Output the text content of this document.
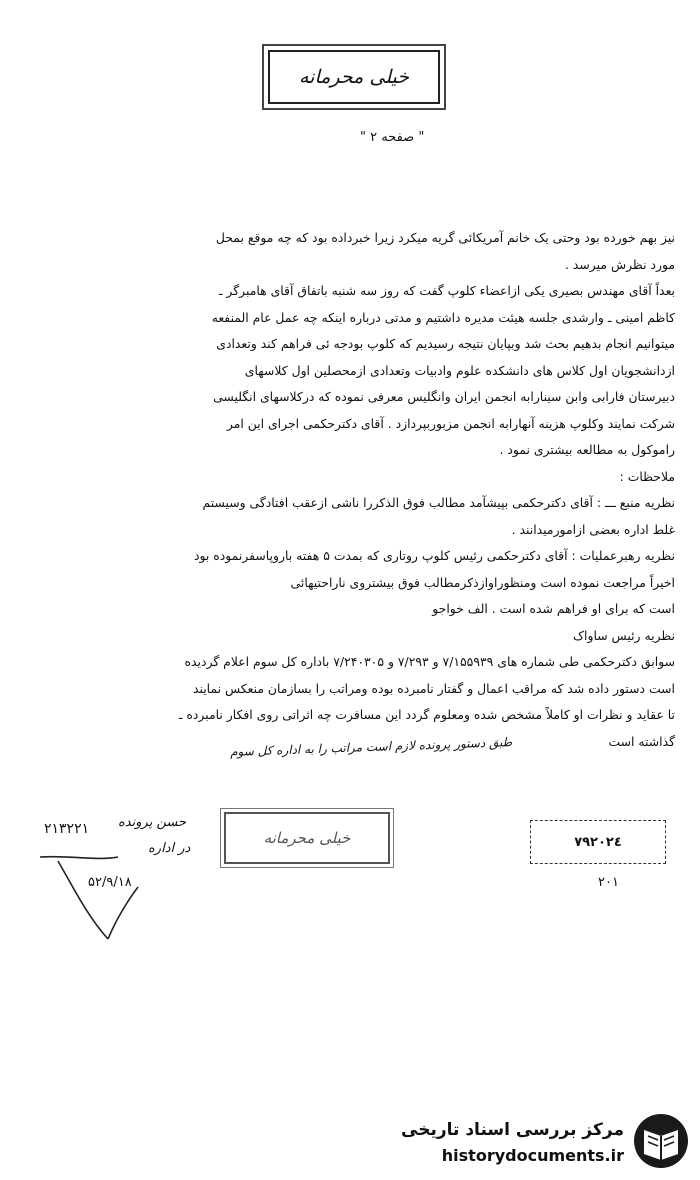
خیلی محرمانه
" صفحه ۲ "
نیز بهم خورده بود وحتی یک خانم آمریکائی گریه میکرد زیرا خبرداده بود که چه موقع بمحل
مورد نظرش میرسد .
بعداً آقای مهندس بصیری یکی ازاعضاء کلوپ گفت که روز سه شنبه باتفاق آقای هامبرگر ـ
کاظم امینی ـ وارشدی جلسه هیئت مدیره داشتیم و مدتی درباره اینکه چه عمل عام المنفعه
میتوانیم انجام بدهیم بحث شد وبپایان نتیجه رسیدیم که کلوپ بودجه ئی فراهم کند وتعدادی
ازدانشجویان اول کلاس های دانشکده علوم وادبیات وتعدادی ازمحصلین اول کلاسهای
دبیرستان فارابی وابن سینارابه انجمن ایران وانگلیس معرفی نموده که درکلاسهای انگلیسی
شرکت نمایند وکلوپ هزینه آنهارابه انجمن مزبوربپردازد . آقای دکترحکمی اجرای این امر
راموکول به مطالعه بیشتری نمود .
ملاحظات :
نظریه منبع ـــ : آقای دکترحکمی بپیشآمد مطالب فوق الذکررا ناشی ازعقب افتادگی وسیستم
غلط اداره بعضی ازامورمیدانند .
نظریه رهبرعملیات : آقای دکترحکمی رئیس کلوپ روتاری که بمدت ۵ هفته باروپاسفرنموده بود
اخیراً مراجعت نموده است ومنظوراوازذکرمطالب فوق بیشتروی ناراحتیهائی
است که برای او فراهم شده است . الف خواجو
نظریه رئیس ساواک
سوابق دکترحکمی طی شماره های ۷/۱۵۵۹۳۹ و ۷/۲۹۳ و ۷/۲۴۰۳۰۵ باداره کل سوم اعلام گردیده
است دستور داده شد که مراقب اعمال و گفتار نامبرده بوده ومراتب را بسازمان منعکس نمایند
تا عقاید و نظرات او کاملاً مشخص شده ومعلوم گردد این مسافرت چه اثراتی روی افکار نامبرده ـ
گذاشته است
طبق دستور پرونده لازم است مراتب را به اداره کل سوم
۲۱۳۲۲۱ حسن پرونده
در اداره
۵۲/۹/۱۸
خیلی محرمانه	٧٩٢٠٢٤
۲۰۱
مرکز بررسی اسناد تاریخی
historydocuments.ir
